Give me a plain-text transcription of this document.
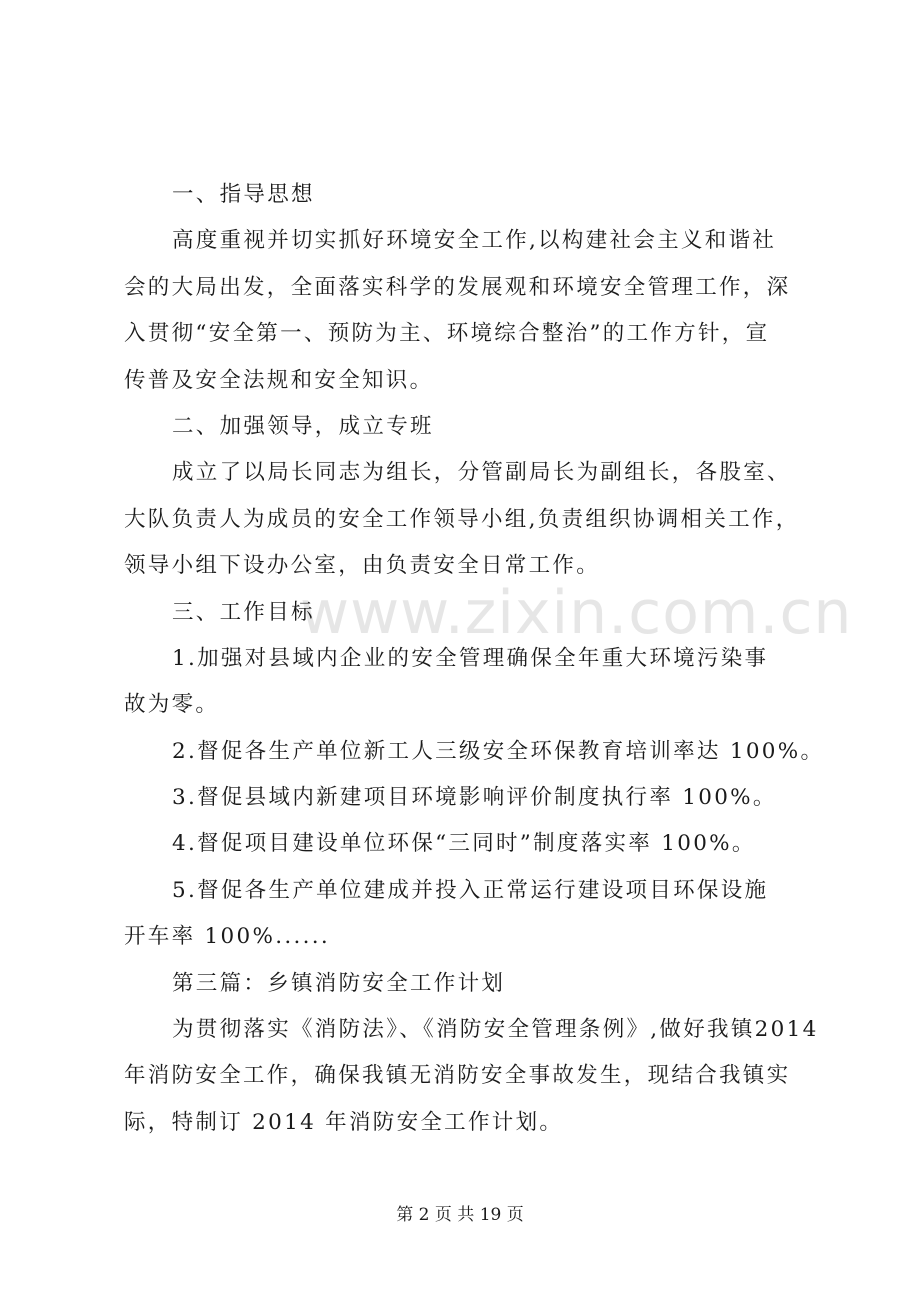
www.zixin.com.cn
一、指导思想
高度重视并切实抓好环境安全工作,以构建社会主义和谐社
会的大局出发，全面落实科学的发展观和环境安全管理工作，深
入贯彻“安全第一、预防为主、环境综合整治”的工作方针，宣
传普及安全法规和安全知识。
二、加强领导，成立专班
成立了以局长同志为组长，分管副局长为副组长，各股室、
大队负责人为成员的安全工作领导小组,负责组织协调相关工作，
领导小组下设办公室，由负责安全日常工作。
三、工作目标
1.加强对县域内企业的安全管理确保全年重大环境污染事
故为零。
2.督促各生产单位新工人三级安全环保教育培训率达 100%。
3.督促县域内新建项目环境影响评价制度执行率 100%。
4.督促项目建设单位环保“三同时”制度落实率 100%。
5.督促各生产单位建成并投入正常运行建设项目环保设施
开车率 100%......
第三篇：乡镇消防安全工作计划
为贯彻落实《消防法》、《消防安全管理条例》,做好我镇2014
年消防安全工作，确保我镇无消防安全事故发生，现结合我镇实
际，特制订 2014 年消防安全工作计划。
第 2 页 共 19 页
